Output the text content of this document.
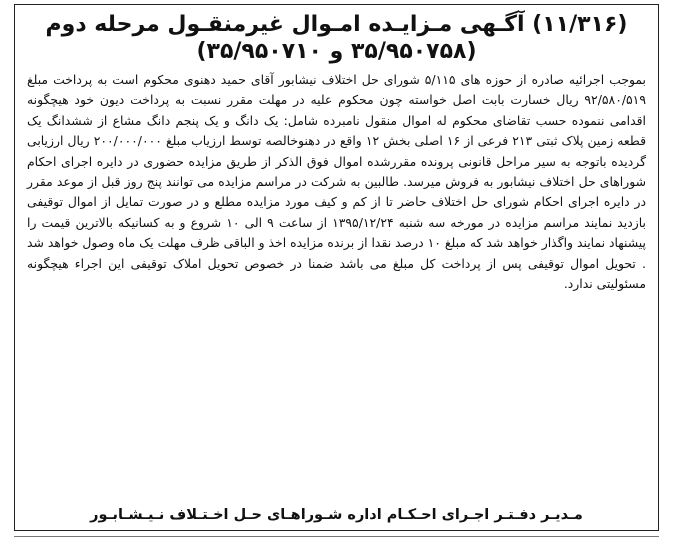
(۱۱/۳۱۶) آگـهی مـزایـده امـوال غیرمنقـول مرحله دوم
(۳۵/۹۵۰۷۵۸ و ۳۵/۹۵۰۷۱۰)

بموجب اجرائیه صادره از حوزه های ۵/۱۱۵ شورای حل اختلاف نیشابور آقای حمید دهنوی محکوم است به پرداخت مبلغ ۹۲/۵۸۰/۵۱۹ ریال خسارت بابت اصل خواسته چون محکوم علیه در مهلت مقرر نسبت به پرداخت دیون خود هیچگونه اقدامی ننموده حسب تقاضای محکوم له اموال منقول نامبرده شامل: یک دانگ و یک پنجم دانگ مشاع از ششدانگ یک قطعه زمین پلاک ثبتی ۲۱۳ فرعی از ۱۶ اصلی بخش ۱۲ واقع در دهنوخالصه توسط ارزیاب مبلغ ۲۰۰/۰۰۰/۰۰۰ ریال ارزیابی گردیده باتوجه به سیر مراحل قانونی پرونده مقررشده اموال فوق الذکر از طریق مزایده حضوری در دایره اجرای احکام شوراهای حل اختلاف نیشابور به فروش میرسد. طالبین به شرکت در مراسم مزایده می توانند پنج روز قبل از موعد مقرر در دایره اجرای احکام شورای حل اختلاف حاضر تا از کم و کیف مورد مزایده مطلع و در صورت تمایل از اموال توقیفی بازدید نمایند مراسم مزایده در مورخه سه شنبه ۱۳۹۵/۱۲/۲۴ از ساعت ۹ الی ۱۰ شروع و به کسانیکه بالاترین قیمت را پیشنهاد نمایند واگذار خواهد شد که مبلغ ۱۰ درصد نقدا از برنده مزایده اخذ و الباقی ظرف مهلت یک ماه وصول خواهد شد . تحویل اموال توقیفی پس از پرداخت کل مبلغ می باشد ضمنا در خصوص تحویل املاک توقیفی این اجراء هیچگونه مسئولیتی ندارد.

مـدیـر دفـتـر اجـرای احـکـام اداره شـوراهـای حـل اخـتـلاف نـیـشـابـور
